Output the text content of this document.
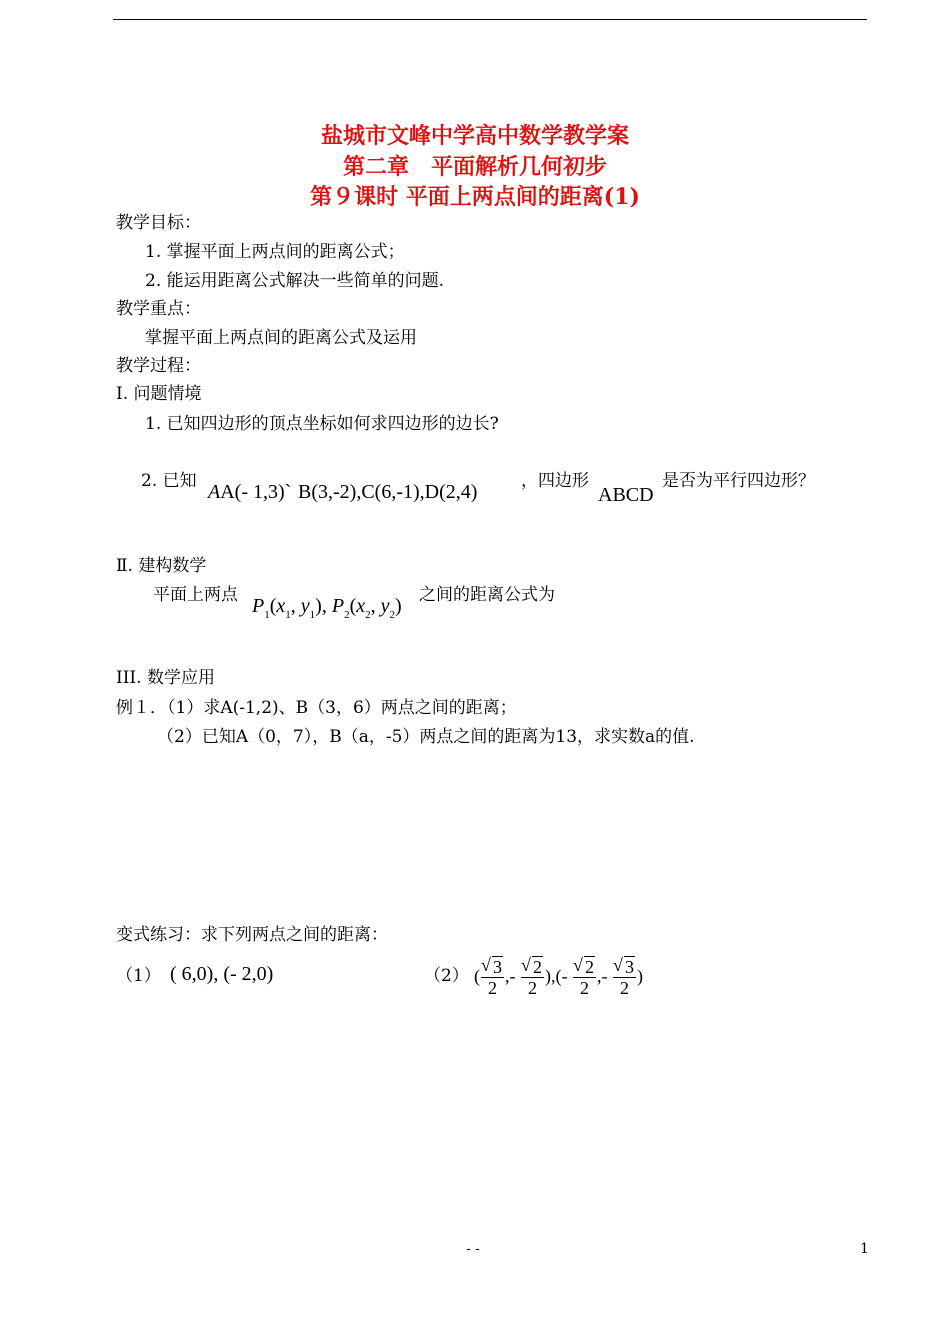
盐城市文峰中学高中数学教学案
第二章　平面解析几何初步
第９课时 平面上两点间的距离(1)
教学目标：
1. 掌握平面上两点间的距离公式；
2. 能运用距离公式解决一些简单的问题.
教学重点：
掌握平面上两点间的距离公式及运用
教学过程：
Ⅰ. 问题情境
1. 已知四边形的顶点坐标如何求四边形的边长?
2. 已知 AA(- 1,3)` B(3,-2),C(6,-1),D(2,4)	，四边形
ABCD
是否为平行四边形？
Ⅱ. 建构数学
平面上两点 $P_1(x_1$, $y_1$), $P_2(x_2$, $y_2$) 之间的距离公式为
III. 数学应用
例１．（1）求A(-1,2)、B（3，6）两点之间的距离；
（2）已知A（0，7），B（a，-5）两点之间的距离为13，求实数a的值.
变式练习：求下列两点之间的距离：
（1） ( 6,0), (- 2,0)	（2） ( √ $\frac{3}{2}$ ,- √ $\frac{2}{2}$ ),(- √ $\frac{2}{2}$ ,- √ $\frac{3}{2}$ )
- -	1
